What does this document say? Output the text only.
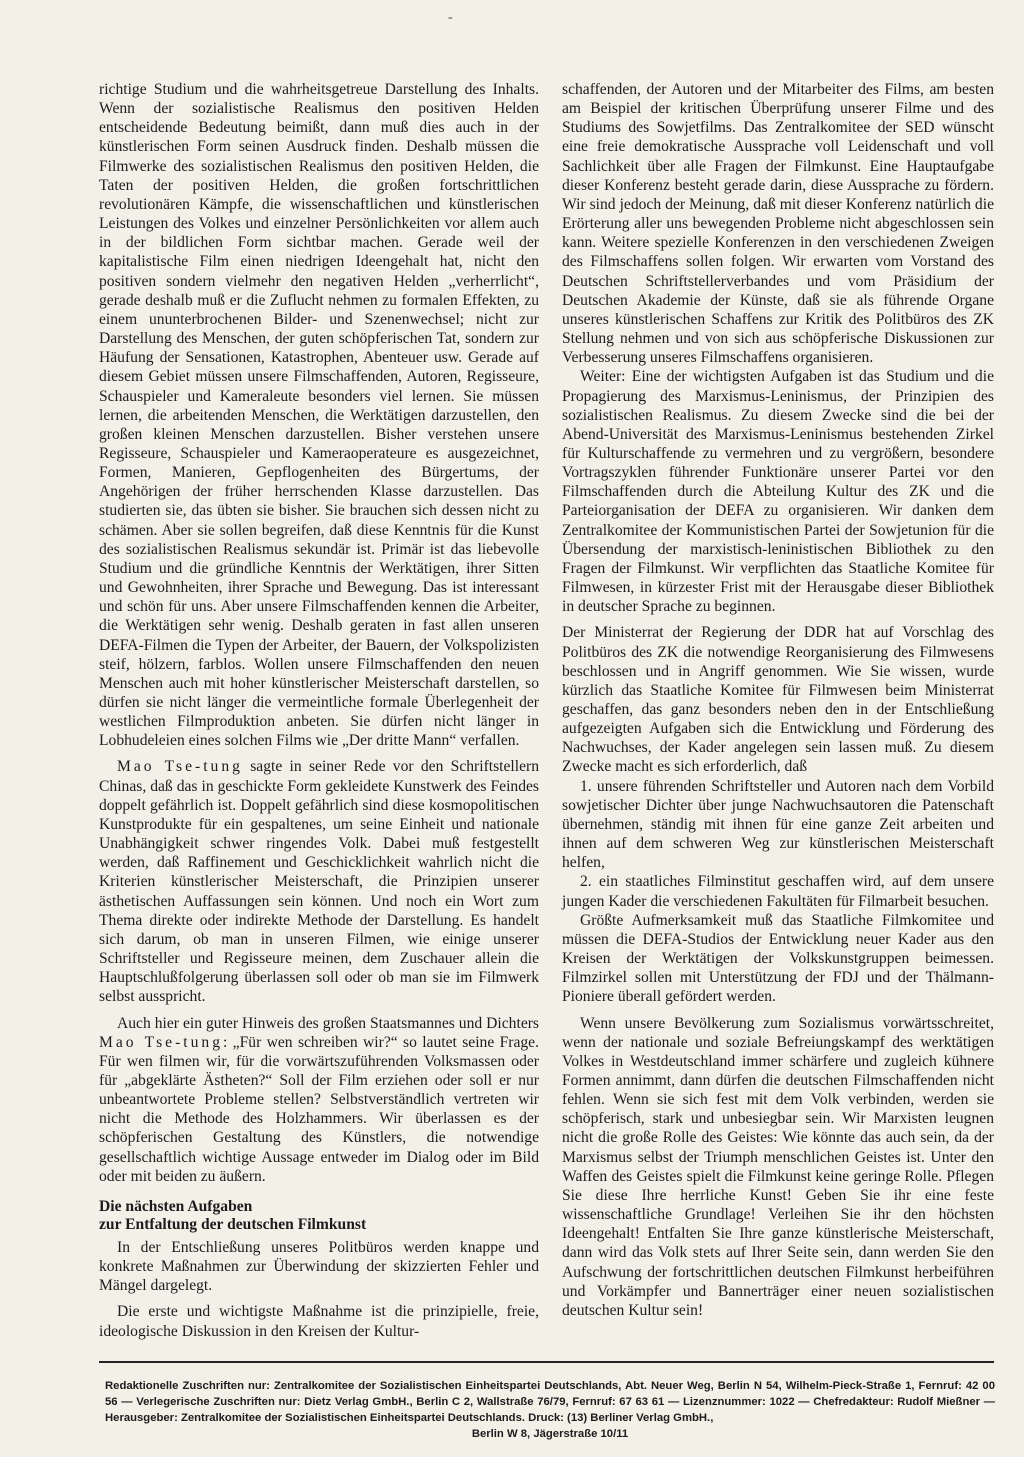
-

richtige Studium und die wahrheitsgetreue Darstellung des Inhalts. Wenn der sozialistische Realismus den positiven Helden entscheidende Bedeutung beimißt, dann muß dies auch in der künstlerischen Form seinen Ausdruck finden. Deshalb müssen die Filmwerke des sozialistischen Realismus den positiven Helden, die Taten der positiven Helden, die großen fortschrittlichen revolutionären Kämpfe, die wissenschaftlichen und künstlerischen Leistungen des Volkes und einzelner Persönlichkeiten vor allem auch in der bildlichen Form sichtbar machen. Gerade weil der kapitalistische Film einen niedrigen Ideengehalt hat, nicht den positiven sondern vielmehr den negativen Helden „verherrlicht“, gerade deshalb muß er die Zuflucht nehmen zu formalen Effekten, zu einem ununterbrochenen Bilder- und Szenenwechsel; nicht zur Darstellung des Menschen, der guten schöpferischen Tat, sondern zur Häufung der Sensationen, Katastrophen, Abenteuer usw. Gerade auf diesem Gebiet müssen unsere Filmschaffenden, Autoren, Regisseure, Schauspieler und Kameraleute besonders viel lernen. Sie müssen lernen, die arbeitenden Menschen, die Werktätigen darzustellen, den großen kleinen Menschen darzustellen. Bisher verstehen unsere Regisseure, Schauspieler und Kameraoperateure es ausgezeichnet, Formen, Manieren, Gepflogenheiten des Bürgertums, der Angehörigen der früher herrschenden Klasse darzustellen. Das studierten sie, das übten sie bisher. Sie brauchen sich dessen nicht zu schämen. Aber sie sollen begreifen, daß diese Kenntnis für die Kunst des sozialistischen Realismus sekundär ist. Primär ist das liebevolle Studium und die gründliche Kenntnis der Werktätigen, ihrer Sitten und Gewohnheiten, ihrer Sprache und Bewegung. Das ist interessant und schön für uns. Aber unsere Filmschaffenden kennen die Arbeiter, die Werktätigen sehr wenig. Deshalb geraten in fast allen unseren DEFA-Filmen die Typen der Arbeiter, der Bauern, der Volkspolizisten steif, hölzern, farblos. Wollen unsere Filmschaffenden den neuen Menschen auch mit hoher künstlerischer Meisterschaft darstellen, so dürfen sie nicht länger die vermeintliche formale Überlegenheit der westlichen Filmproduktion anbeten. Sie dürfen nicht länger in Lobhudeleien eines solchen Films wie „Der dritte Mann“ verfallen.

Mao Tse-tung sagte in seiner Rede vor den Schriftstellern Chinas, daß das in geschickte Form gekleidete Kunstwerk des Feindes doppelt gefährlich ist. Doppelt gefährlich sind diese kosmopolitischen Kunstprodukte für ein gespaltenes, um seine Einheit und nationale Unabhängigkeit schwer ringendes Volk. Dabei muß festgestellt werden, daß Raffinement und Geschicklichkeit wahrlich nicht die Kriterien künstlerischer Meisterschaft, die Prinzipien unserer ästhetischen Auffassungen sein können. Und noch ein Wort zum Thema direkte oder indirekte Methode der Darstellung. Es handelt sich darum, ob man in unseren Filmen, wie einige unserer Schriftsteller und Regisseure meinen, dem Zuschauer allein die Hauptschlußfolgerung überlassen soll oder ob man sie im Filmwerk selbst ausspricht.

Auch hier ein guter Hinweis des großen Staatsmannes und Dichters Mao Tse-tung: „Für wen schreiben wir?“ so lautet seine Frage. Für wen filmen wir, für die vorwärtszuführenden Volksmassen oder für „abgeklärte Ästheten?“ Soll der Film erziehen oder soll er nur unbeantwortete Probleme stellen? Selbstverständlich vertreten wir nicht die Methode des Holzhammers. Wir überlassen es der schöpferischen Gestaltung des Künstlers, die notwendige gesellschaftlich wichtige Aussage entweder im Dialog oder im Bild oder mit beiden zu äußern.

Die nächsten Aufgaben
zur Entfaltung der deutschen Filmkunst

In der Entschließung unseres Politbüros werden knappe und konkrete Maßnahmen zur Überwindung der skizzierten Fehler und Mängel dargelegt.

Die erste und wichtigste Maßnahme ist die prinzipielle, freie, ideologische Diskussion in den Kreisen der Kultur-

schaffenden, der Autoren und der Mitarbeiter des Films, am besten am Beispiel der kritischen Überprüfung unserer Filme und des Studiums des Sowjetfilms. Das Zentralkomitee der SED wünscht eine freie demokratische Aussprache voll Leidenschaft und voll Sachlichkeit über alle Fragen der Filmkunst. Eine Hauptaufgabe dieser Konferenz besteht gerade darin, diese Aussprache zu fördern. Wir sind jedoch der Meinung, daß mit dieser Konferenz natürlich die Erörterung aller uns bewegenden Probleme nicht abgeschlossen sein kann. Weitere spezielle Konferenzen in den verschiedenen Zweigen des Filmschaffens sollen folgen. Wir erwarten vom Vorstand des Deutschen Schriftstellerverbandes und vom Präsidium der Deutschen Akademie der Künste, daß sie als führende Organe unseres künstlerischen Schaffens zur Kritik des Politbüros des ZK Stellung nehmen und von sich aus schöpferische Diskussionen zur Verbesserung unseres Filmschaffens organisieren.

Weiter: Eine der wichtigsten Aufgaben ist das Studium und die Propagierung des Marxismus-Leninismus, der Prinzipien des sozialistischen Realismus. Zu diesem Zwecke sind die bei der Abend-Universität des Marxismus-Leninismus bestehenden Zirkel für Kulturschaffende zu vermehren und zu vergrößern, besondere Vortragszyklen führender Funktionäre unserer Partei vor den Filmschaffenden durch die Abteilung Kultur des ZK und die Parteiorganisation der DEFA zu organisieren. Wir danken dem Zentralkomitee der Kommunistischen Partei der Sowjetunion für die Übersendung der marxistisch-leninistischen Bibliothek zu den Fragen der Filmkunst. Wir verpflichten das Staatliche Komitee für Filmwesen, in kürzester Frist mit der Herausgabe dieser Bibliothek in deutscher Sprache zu beginnen.

Der Ministerrat der Regierung der DDR hat auf Vorschlag des Politbüros des ZK die notwendige Reorganisierung des Filmwesens beschlossen und in Angriff genommen. Wie Sie wissen, wurde kürzlich das Staatliche Komitee für Filmwesen beim Ministerrat geschaffen, das ganz besonders neben den in der Entschließung aufgezeigten Aufgaben sich die Entwicklung und Förderung des Nachwuchses, der Kader angelegen sein lassen muß. Zu diesem Zwecke macht es sich erforderlich, daß

1. unsere führenden Schriftsteller und Autoren nach dem Vorbild sowjetischer Dichter über junge Nachwuchsautoren die Patenschaft übernehmen, ständig mit ihnen für eine ganze Zeit arbeiten und ihnen auf dem schweren Weg zur künstlerischen Meisterschaft helfen,

2. ein staatliches Filminstitut geschaffen wird, auf dem unsere jungen Kader die verschiedenen Fakultäten für Filmarbeit besuchen.

Größte Aufmerksamkeit muß das Staatliche Filmkomitee und müssen die DEFA-Studios der Entwicklung neuer Kader aus den Kreisen der Werktätigen der Volkskunstgruppen beimessen. Filmzirkel sollen mit Unterstützung der FDJ und der Thälmann-Pioniere überall gefördert werden.

Wenn unsere Bevölkerung zum Sozialismus vorwärtsschreitet, wenn der nationale und soziale Befreiungskampf des werktätigen Volkes in Westdeutschland immer schärfere und zugleich kühnere Formen annimmt, dann dürfen die deutschen Filmschaffenden nicht fehlen. Wenn sie sich fest mit dem Volk verbinden, werden sie schöpferisch, stark und unbesiegbar sein. Wir Marxisten leugnen nicht die große Rolle des Geistes: Wie könnte das auch sein, da der Marxismus selbst der Triumph menschlichen Geistes ist. Unter den Waffen des Geistes spielt die Filmkunst keine geringe Rolle. Pflegen Sie diese Ihre herrliche Kunst! Geben Sie ihr eine feste wissenschaftliche Grundlage! Verleihen Sie ihr den höchsten Ideengehalt! Entfalten Sie Ihre ganze künstlerische Meisterschaft, dann wird das Volk stets auf Ihrer Seite sein, dann werden Sie den Aufschwung der fortschrittlichen deutschen Filmkunst herbeiführen und Vorkämpfer und Bannerträger einer neuen sozialistischen deutschen Kultur sein!

Redaktionelle Zuschriften nur: Zentralkomitee der Sozialistischen Einheitspartei Deutschlands, Abt. Neuer Weg, Berlin N 54, Wilhelm-Pieck-Straße 1, Fernruf: 42 00 56 — Verlegerische Zuschriften nur: Dietz Verlag GmbH., Berlin C 2, Wallstraße 76/79, Fernruf: 67 63 61 — Lizenznummer: 1022 — Chefredakteur: Rudolf Mießner — Herausgeber: Zentralkomitee der Sozialistischen Einheitspartei Deutschlands. Druck: (13) Berliner Verlag GmbH.,
Berlin W 8, Jägerstraße 10/11
